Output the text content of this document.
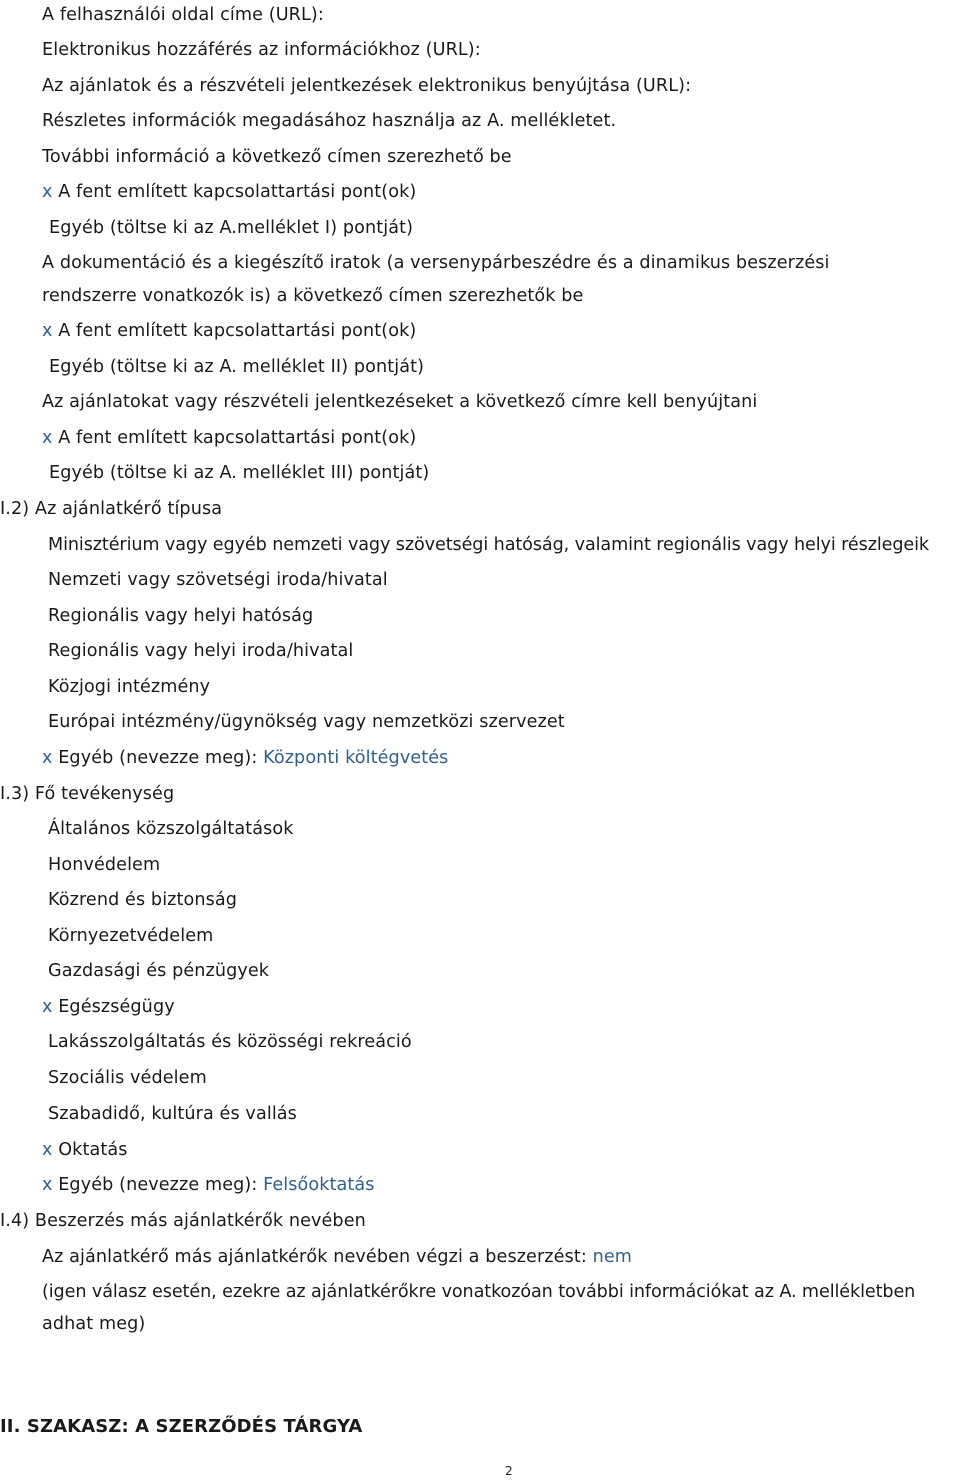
A felhasználói oldal címe (URL):
Elektronikus hozzáférés az információkhoz (URL):
Az ajánlatok és a részvételi jelentkezések elektronikus benyújtása (URL):
Részletes információk megadásához használja az A. mellékletet.
További információ a következő címen szerezhető be
x A fent említett kapcsolattartási pont(ok)
Egyéb (töltse ki az A.melléklet I) pontját)
A dokumentáció és a kiegészítő iratok (a versenypárbeszédre és a dinamikus beszerzési
rendszerre vonatkozók is) a következő címen szerezhetők be
x A fent említett kapcsolattartási pont(ok)
Egyéb (töltse ki az A. melléklet II) pontját)
Az ajánlatokat vagy részvételi jelentkezéseket a következő címre kell benyújtani
x A fent említett kapcsolattartási pont(ok)
Egyéb (töltse ki az A. melléklet III) pontját)
I.2) Az ajánlatkérő típusa
Minisztérium vagy egyéb nemzeti vagy szövetségi hatóság, valamint regionális vagy helyi részlegeik
Nemzeti vagy szövetségi iroda/hivatal
Regionális vagy helyi hatóság
Regionális vagy helyi iroda/hivatal
Közjogi intézmény
Európai intézmény/ügynökség vagy nemzetközi szervezet
x Egyéb (nevezze meg): Központi költégvetés
I.3) Fő tevékenység
Általános közszolgáltatások
Honvédelem
Közrend és biztonság
Környezetvédelem
Gazdasági és pénzügyek
x Egészségügy
Lakásszolgáltatás és közösségi rekreáció
Szociális védelem
Szabadidő, kultúra és vallás
x Oktatás
x Egyéb (nevezze meg): Felsőoktatás
I.4) Beszerzés más ajánlatkérők nevében
Az ajánlatkérő más ajánlatkérők nevében végzi a beszerzést: nem
(igen válasz esetén, ezekre az ajánlatkérőkre vonatkozóan további információkat az A. mellékletben
adhat meg)
II. SZAKASZ: A SZERZŐDÉS TÁRGYA
2
